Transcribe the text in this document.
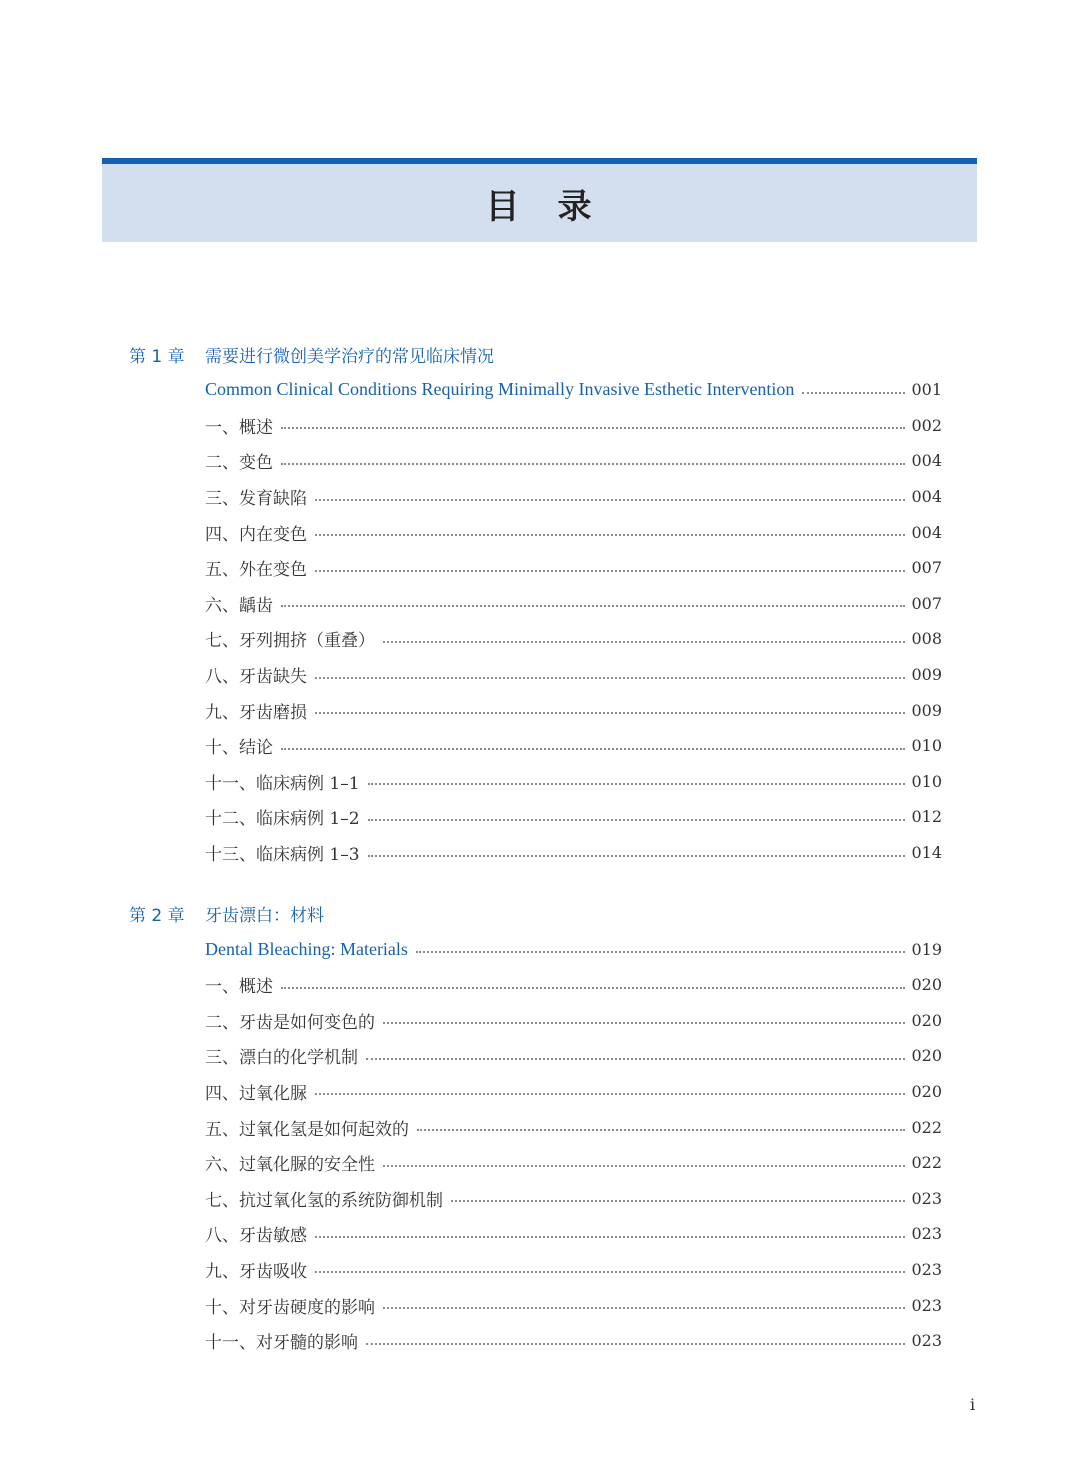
目　录
第 1 章 需要进行微创美学治疗的常见临床情况
Common Clinical Conditions Requiring Minimally Invasive Esthetic Intervention	001
一、概述	002
二、变色	004
三、发育缺陷	004
四、内在变色	004
五、外在变色	007
六、龋齿	007
七、牙列拥挤（重叠）	008
八、牙齿缺失	009
九、牙齿磨损	009
十、结论	010
十一、临床病例 1–1	010
十二、临床病例 1–2	012
十三、临床病例 1–3	014
第 2 章 牙齿漂白：材料
Dental Bleaching: Materials	019
一、概述	020
二、牙齿是如何变色的	020
三、漂白的化学机制	020
四、过氧化脲	020
五、过氧化氢是如何起效的	022
六、过氧化脲的安全性	022
七、抗过氧化氢的系统防御机制	023
八、牙齿敏感	023
九、牙齿吸收	023
十、对牙齿硬度的影响	023
十一、对牙髓的影响	023
i
